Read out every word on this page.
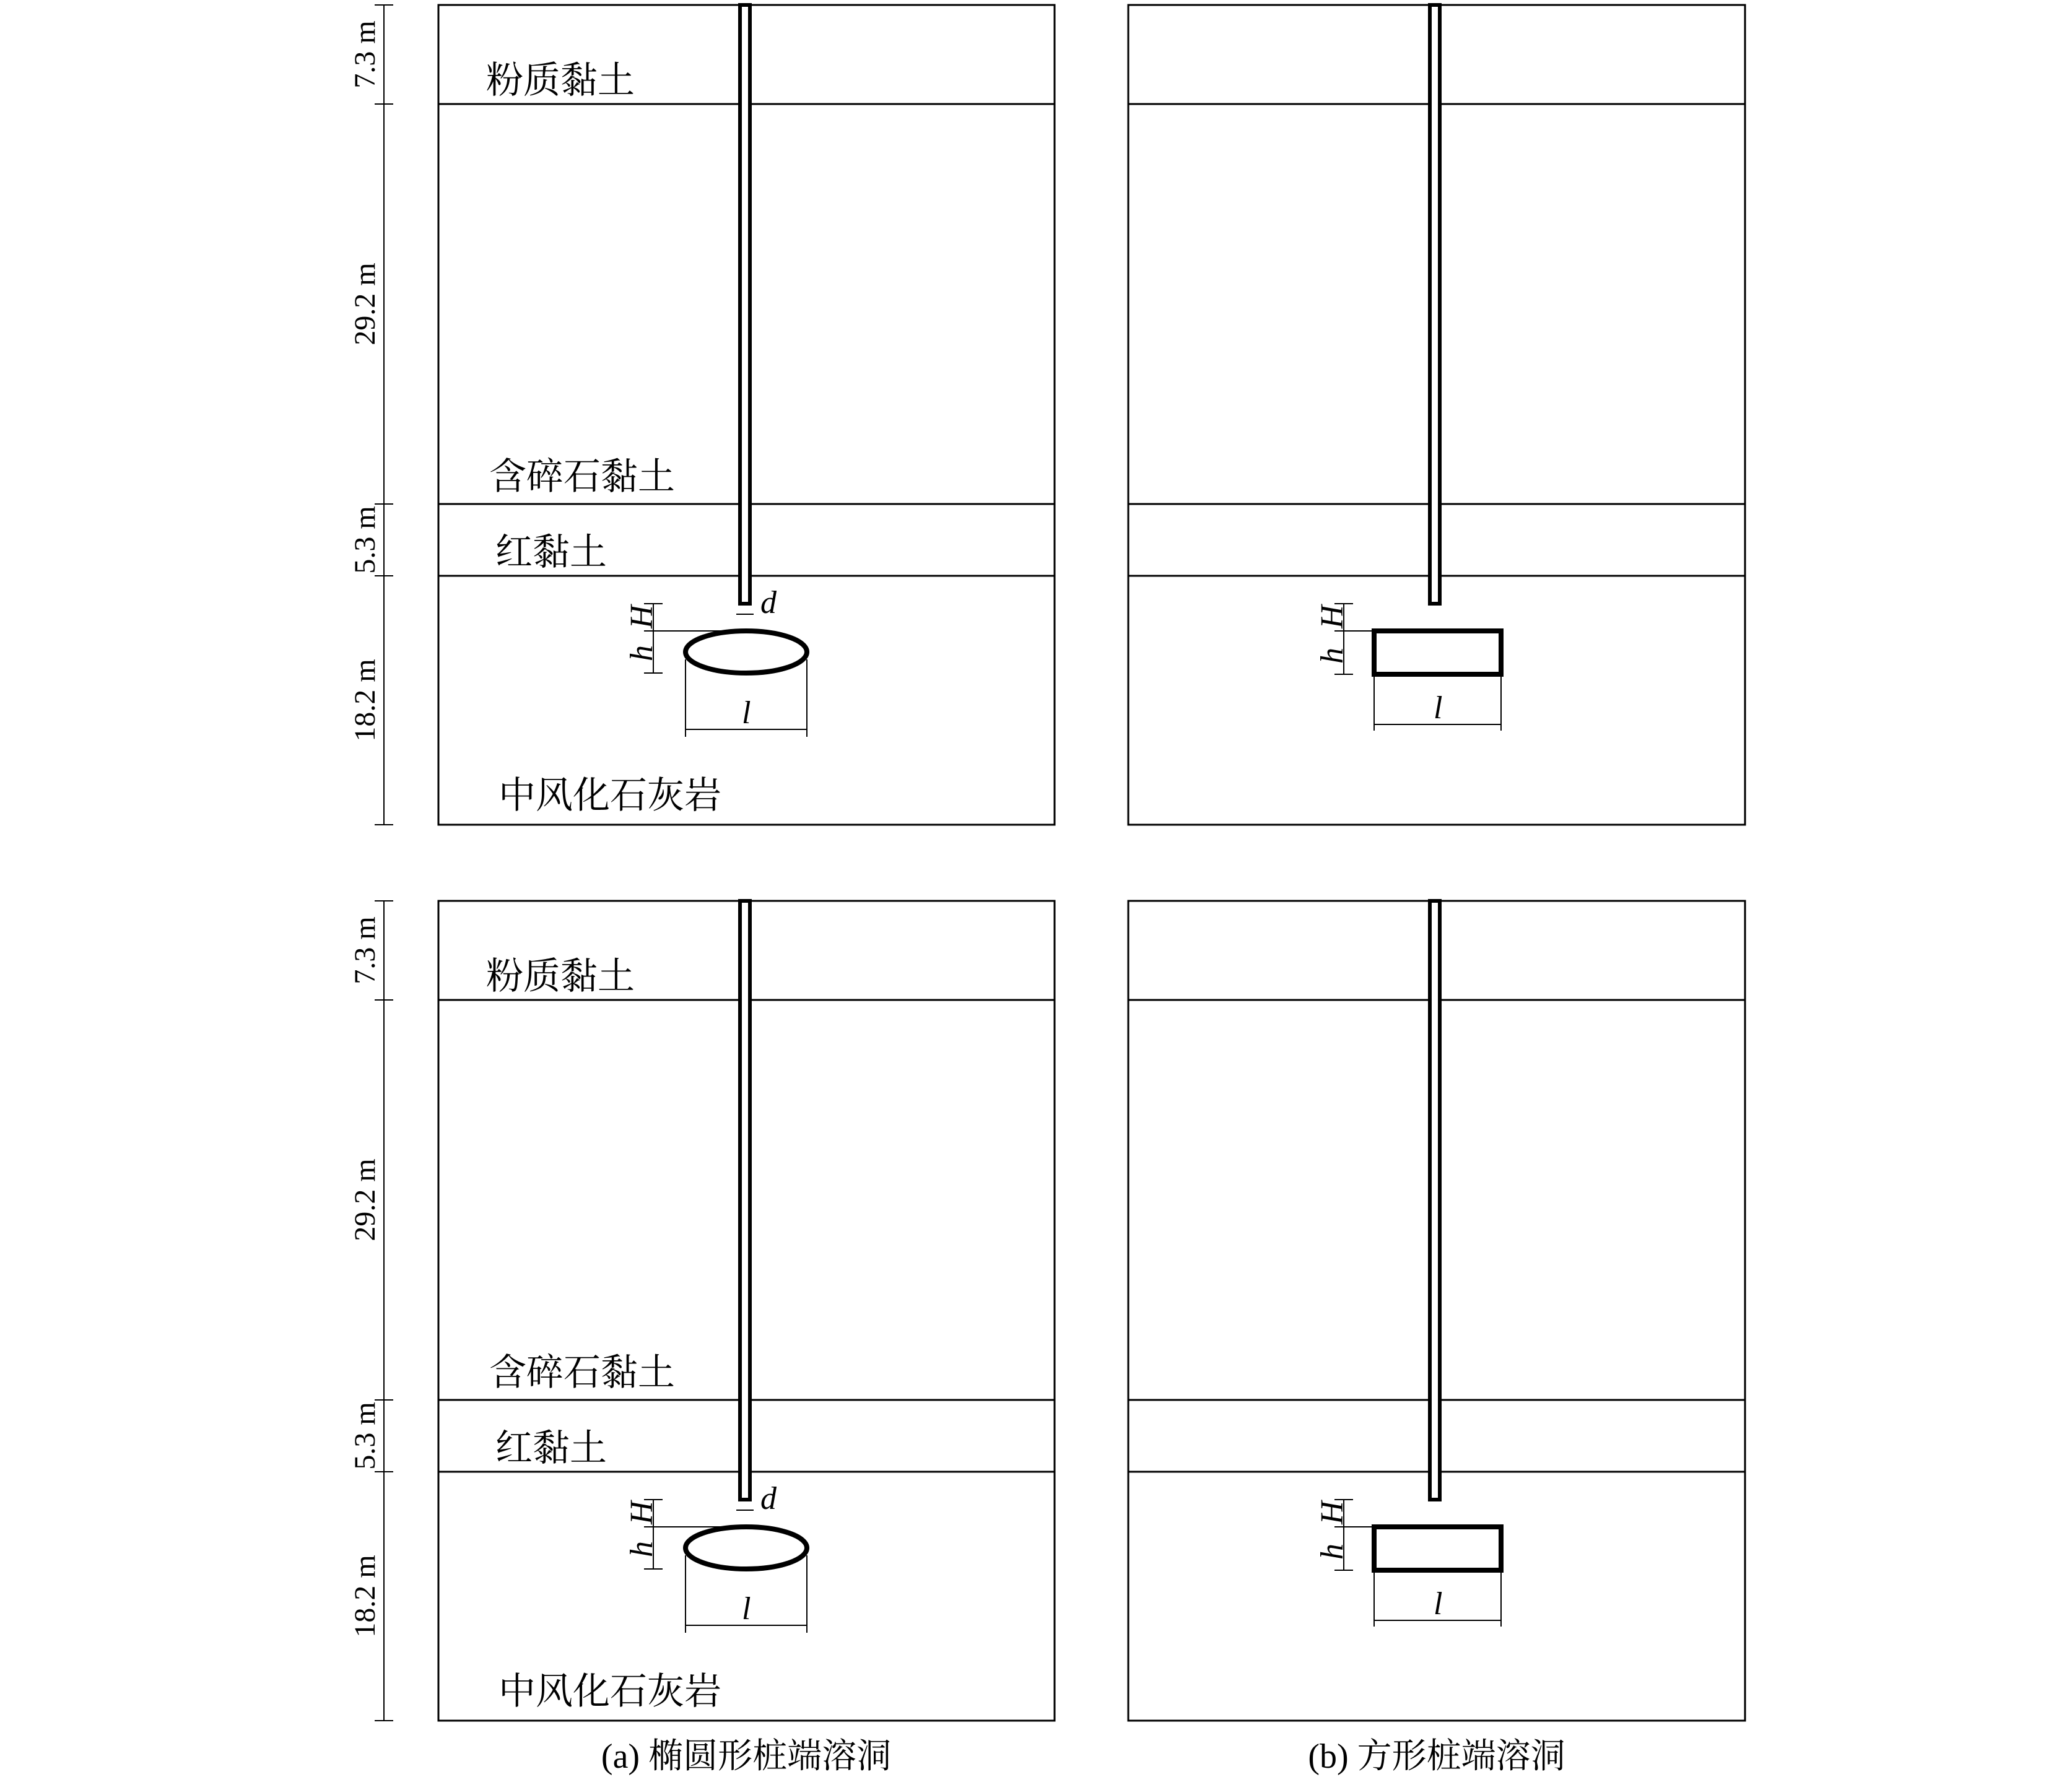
7.3 m
29.2 m
5.3 m
18.2 m
粉质黏土
含碎石黏土
红黏土
中风化石灰岩
d
H
h
l
H
h
l
7.3 m
29.2 m
5.3 m
18.2 m
粉质黏土
含碎石黏土
红黏土
中风化石灰岩
d
H
h
l
H
h
l
(a) 椭圆形桩端溶洞	(b) 方形桩端溶洞
